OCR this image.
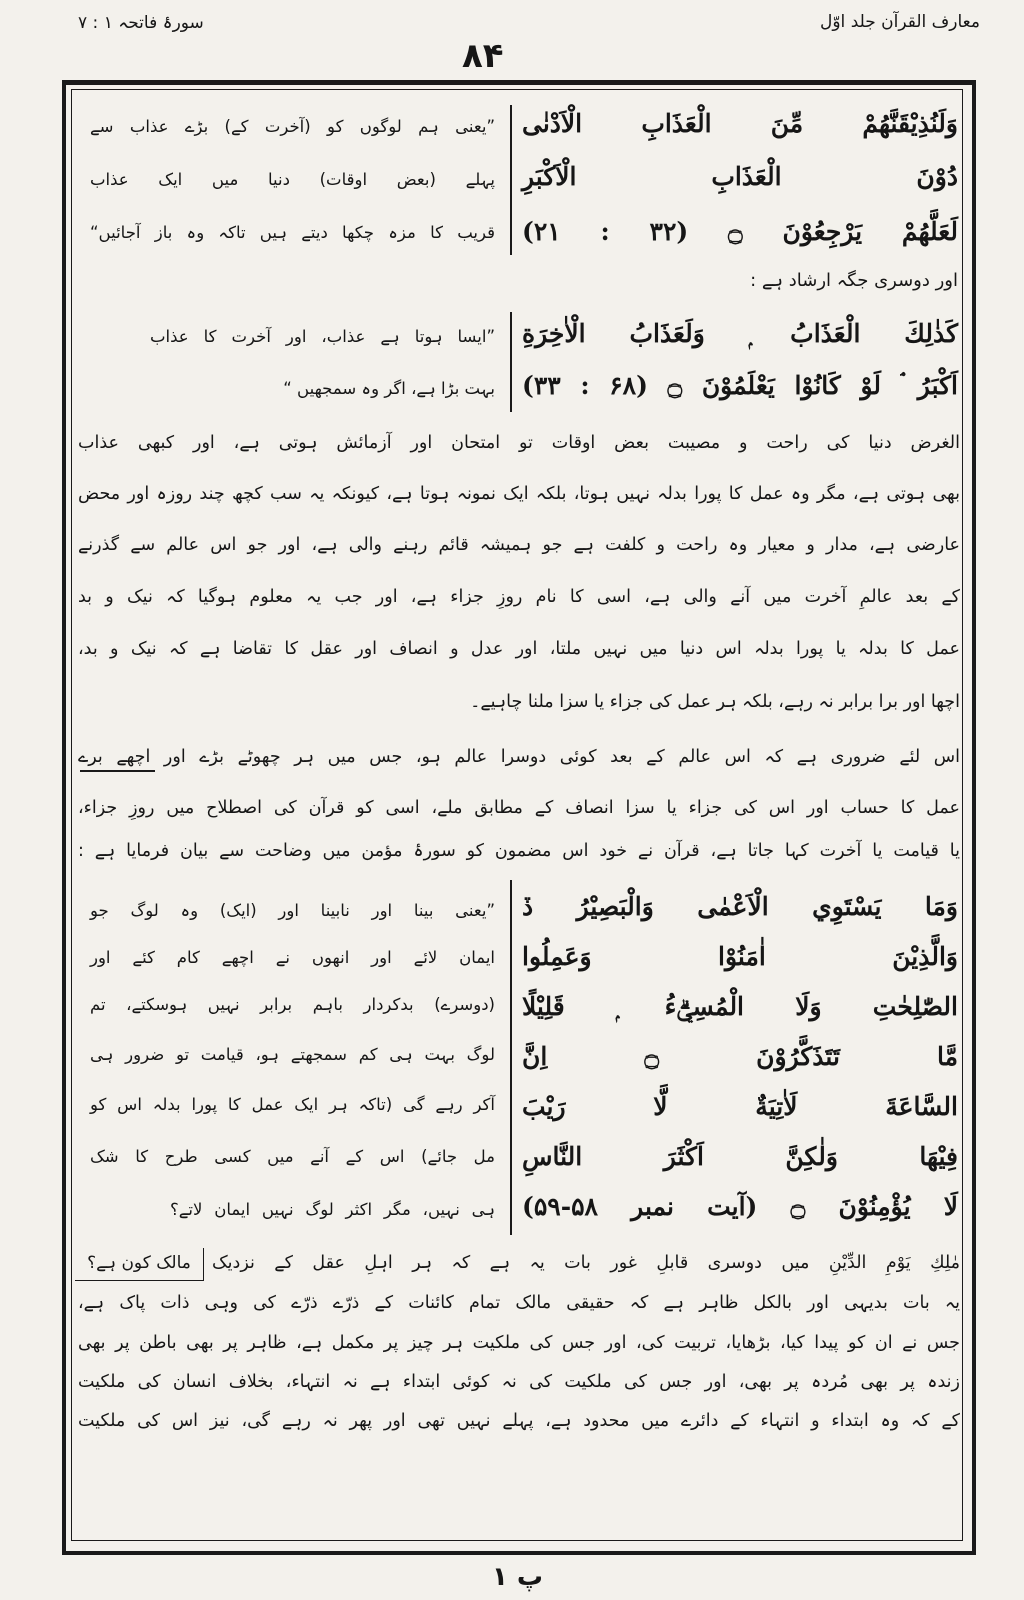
معارف القرآن جلد اوّل
سورۂ فاتحہ ۱ : ۷
۸۴
وَلَنُذِيْقَنَّهُمْ مِّنَ الْعَذَابِ الْاَدْنٰى
دُوْنَ الْعَذَابِ الْاَكْبَرِ
لَعَلَّهُمْ يَرْجِعُوْنَ ۝ (۳۲ : ۲۱)
”یعنی ہم لوگوں کو (آخرت کے) بڑے عذاب سے
پہلے (بعض اوقات) دنیا میں ایک عذاب
قریب کا مزہ چکھا دیتے ہیں تاکہ وہ باز آجائیں“
اور دوسری جگہ ارشاد ہے :
كَذٰلِكَ الْعَذَابُ ۭ وَلَعَذَابُ الْاٰخِرَةِ
اَكْبَرُ ۘ لَوْ كَانُوْا يَعْلَمُوْنَ ۝ (۶۸ : ۳۳)
”ایسا ہوتا ہے عذاب، اور آخرت کا عذاب
بہت بڑا ہے، اگر وہ سمجھیں “
الغرض دنیا کی راحت و مصیبت بعض اوقات تو امتحان اور آزمائش ہوتی ہے، اور کبھی عذاب
بھی ہوتی ہے، مگر وہ عمل کا پورا بدلہ نہیں ہوتا، بلکہ ایک نمونہ ہوتا ہے، کیونکہ یہ سب کچھ چند روزہ اور محض
عارضی ہے، مدار و معیار وہ راحت و کلفت ہے جو ہمیشہ قائم رہنے والی ہے، اور جو اس عالم سے گذرنے
کے بعد عالمِ آخرت میں آنے والی ہے، اسی کا نام روزِ جزاء ہے، اور جب یہ معلوم ہوگیا کہ نیک و بد
عمل کا بدلہ یا پورا بدلہ اس دنیا میں نہیں ملتا، اور عدل و انصاف اور عقل کا تقاضا ہے کہ نیک و بد،
اچھا اور برا برابر نہ رہے، بلکہ ہر عمل کی جزاء یا سزا ملنا چاہیے۔
اس لئے ضروری ہے کہ اس عالم کے بعد کوئی دوسرا عالم ہو، جس میں ہر چھوٹے بڑے اور اچھے برے
عمل کا حساب اور اس کی جزاء یا سزا انصاف کے مطابق ملے، اسی کو قرآن کی اصطلاح میں روزِ جزاء،
یا قیامت یا آخرت کہا جاتا ہے، قرآن نے خود اس مضمون کو سورۂ مؤمن میں وضاحت سے بیان فرمایا ہے :
وَمَا يَسْتَوِي الْاَعْمٰى وَالْبَصِيْرُ ڏ
وَالَّذِيْنَ اٰمَنُوْا وَعَمِلُوا
الصّٰلِحٰتِ وَلَا الْمُسِيْۗءُ ۭ قَلِيْلًا
مَّا تَتَذَكَّرُوْنَ ۝ اِنَّ
السَّاعَةَ لَاٰتِيَةٌ لَّا رَيْبَ
فِيْهَا وَلٰكِنَّ اَكْثَرَ النَّاسِ
لَا يُؤْمِنُوْنَ ۝ (آیت نمبر ۵۸-۵۹)
”یعنی بینا اور نابینا اور (ایک) وہ لوگ جو
ایمان لائے اور انھوں نے اچھے کام کئے اور
(دوسرے) بدکردار باہم برابر نہیں ہوسکتے، تم
لوگ بہت ہی کم سمجھتے ہو، قیامت تو ضرور ہی
آکر رہے گی (تاکہ ہر ایک عمل کا پورا بدلہ اس کو
مل جائے) اس کے آنے میں کسی طرح کا شک
ہی نہیں، مگر اکثر لوگ نہیں ایمان لاتے؟
مالک کون ہے؟	مٰلِكِ يَوْمِ الدِّيْنِ میں دوسری قابلِ غور بات یہ ہے کہ ہر اہلِ عقل کے نزدیک
یہ بات بدیہی اور بالکل ظاہر ہے کہ حقیقی مالک تمام کائنات کے ذرّے ذرّے کی وہی ذات پاک ہے،
جس نے ان کو پیدا کیا، بڑھایا، تربیت کی، اور جس کی ملکیت ہر چیز پر مکمل ہے، ظاہر پر بھی باطن پر بھی
زندہ پر بھی مُردہ پر بھی، اور جس کی ملکیت کی نہ کوئی ابتداء ہے نہ انتہاء، بخلاف انسان کی ملکیت
کے کہ وہ ابتداء و انتہاء کے دائرے میں محدود ہے، پہلے نہیں تھی اور پھر نہ رہے گی، نیز اس کی ملکیت
پ ۱
